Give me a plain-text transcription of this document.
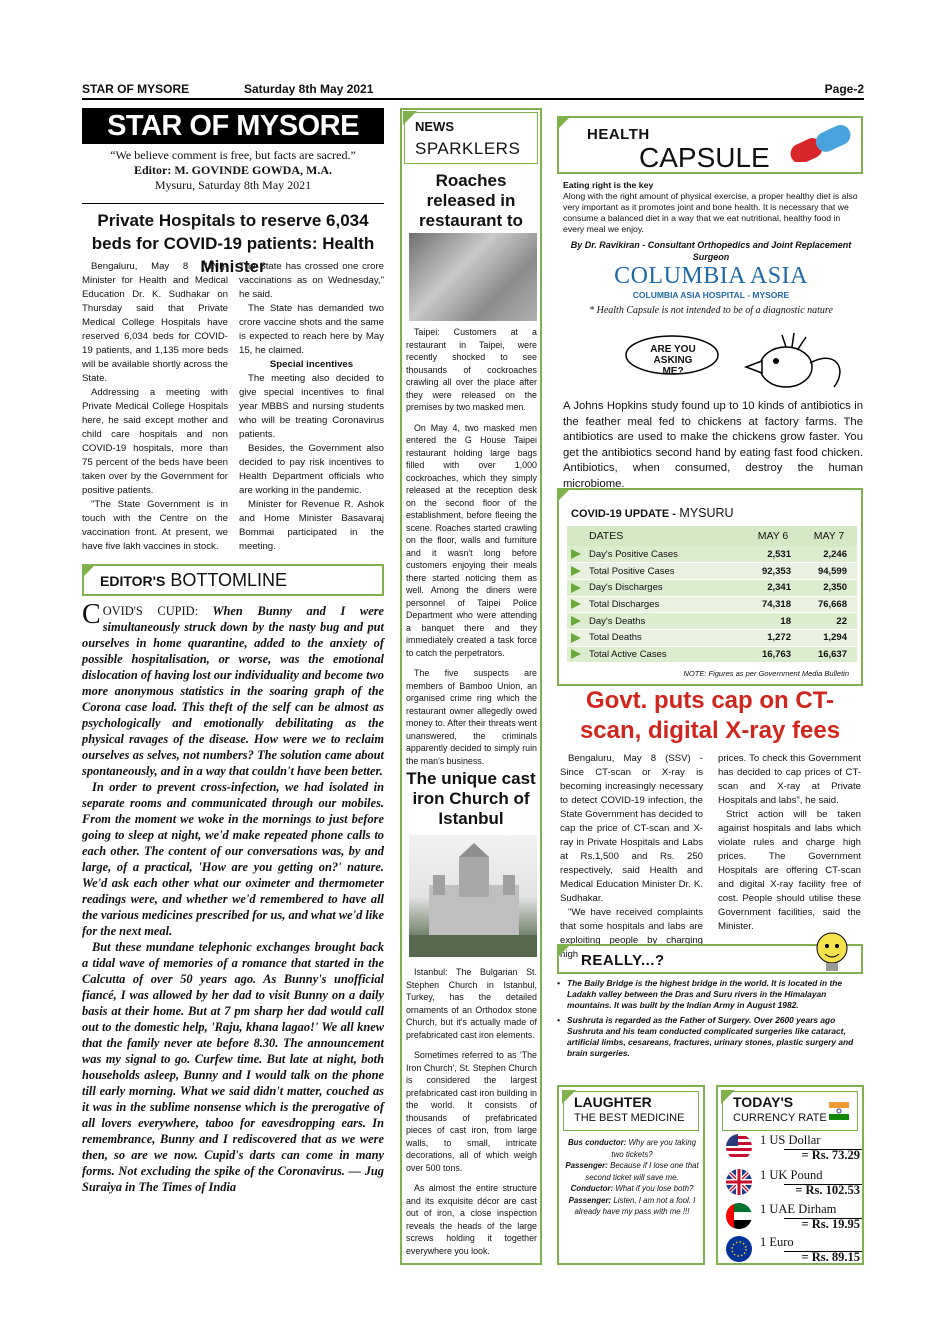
STAR OF MYSORE	Saturday 8th May 2021	Page-2
STAR OF MYSORE
“We believe comment is free, but facts are sacred.”
Editor: M. GOVINDE GOWDA, M.A.
Mysuru, Saturday 8th May 2021
Private Hospitals to reserve 6,034 beds for COVID-19 patients: Health Minister

Bengaluru, May 8 (UNI)- Minister for Health and Medical Education Dr. K. Sudhakar on Thursday said that Private Medical College Hospitals have reserved 6,034 beds for COVID-19 patients, and 1,135 more beds will be available shortly across the State.

Addressing a meeting with Private Medical College Hospitals here, he said except mother and child care hospitals and non COVID-19 hospitals, more than 75 percent of the beds have been taken over by the Government for positive patients.

"The State Government is in touch with the Centre on the vaccination front. At present, we have five lakh vaccines in stock.

The State has crossed one crore vaccinations as on Wednesday," he said.

The State has demanded two crore vaccine shots and the same is expected to reach here by May 15, he claimed.

Special incentives

The meeting also decided to give special incentives to final year MBBS and nursing students who will be treating Coronavirus patients.

Besides, the Government also decided to pay risk incentives to Health Department officials who are working in the pandemic.

Minister for Revenue R. Ashok and Home Minister Basavaraj Bommai participated in the meeting.

EDITOR'S BOTTOMLINE

COVID'S CUPID: When Bunny and I were simultaneously struck down by the nasty bug and put ourselves in home quarantine, added to the anxiety of possible hospitalisation, or worse, was the emotional dislocation of having lost our individuality and become two more anonymous statistics in the soaring graph of the Corona case load. This theft of the self can be almost as psychologically and emotionally debilitating as the physical ravages of the disease. How were we to reclaim ourselves as selves, not numbers? The solution came about spontaneously, and in a way that couldn't have been better.

In order to prevent cross-infection, we had isolated in separate rooms and communicated through our mobiles. From the moment we woke in the mornings to just before going to sleep at night, we'd make repeated phone calls to each other. The content of our conversations was, by and large, of a practical, 'How are you getting on?' nature. We'd ask each other what our oximeter and thermometer readings were, and whether we'd remembered to have all the various medicines prescribed for us, and what we'd like for the next meal.

But these mundane telephonic exchanges brought back a tidal wave of memories of a romance that started in the Calcutta of over 50 years ago. As Bunny's unofficial fiancé, I was allowed by her dad to visit Bunny on a daily basis at their home. But at 7 pm sharp her dad would call out to the domestic help, 'Raju, khana lagao!' We all knew that the family never ate before 8.30. The announcement was my signal to go. Curfew time. But late at night, both households asleep, Bunny and I would talk on the phone till early morning. What we said didn't matter, couched as it was in the sublime nonsense which is the prerogative of all lovers everywhere, taboo for eavesdropping ears. In remembrance, Bunny and I rediscovered that as we were then, so are we now. Cupid's darts can come in many forms. Not excluding the spike of the Coronavirus. — Jug Suraiya in The Times of India

NEWS
SPARKLERS
Roaches released in restaurant to

Taipei: Customers at a restaurant in Taipei, were recently shocked to see thousands of cockroaches crawling all over the place after they were released on the premises by two masked men.

On May 4, two masked men entered the G House Taipei restaurant holding large bags filled with over 1,000 cockroaches, which they simply released at the reception desk on the second floor of the establishment, before fleeing the scene. Roaches started crawling on the floor, walls and furniture and it wasn't long before customers enjoying their meals there started noticing them as well. Among the diners were personnel of Taipei Police Department who were attending a banquet there and they immediately created a task force to catch the perpetrators.

The five suspects are members of Bamboo Union, an organised crime ring which the restaurant owner allegedly owed money to. After their threats went unanswered, the criminals apparently decided to simply ruin the man's business.

The unique cast iron Church of Istanbul

Istanbul: The Bulgarian St. Stephen Church in Istanbul, Turkey, has the detailed ornaments of an Orthodox stone Church, but it's actually made of prefabricated cast iron elements.

Sometimes referred to as 'The Iron Church', St. Stephen Church is considered the largest prefabricated cast iron building in the world. It consists of thousands of prefabricated pieces of cast iron, from large walls, to small, intricate decorations, all of which weigh over 500 tons.

As almost the entire structure and its exquisite décor are cast out of iron, a close inspection reveals the heads of the large screws holding it together everywhere you look.

HEALTH
CAPSULE
Eating right is the key
Along with the right amount of physical exercise, a proper healthy diet is also very important as it promotes joint and bone health. It is necessary that we consume a balanced diet in a way that we eat nutritional, healthy food in every meal we enjoy.
By Dr. Ravikiran - Consultant Orthopedics and Joint Replacement Surgeon
COLUMBIA ASIA
COLUMBIA ASIA HOSPITAL - MYSORE
* Health Capsule is not intended to be of a diagnostic nature
ARE YOU ASKING ME?
A Johns Hopkins study found up to 10 kinds of antibiotics in the feather meal fed to chickens at factory farms. The antibiotics are used to make the chickens grow faster. You get the antibiotics second hand by eating fast food chicken. Antibiotics, when consumed, destroy the human microbiome.
COVID-19 UPDATE - MYSURU
DATES	MAY 6	MAY 7
Day's Positive Cases	2,531	2,246
Total Positive Cases	92,353	94,599
Day's Discharges	2,341	2,350
Total Discharges	74,318	76,668
Day's Deaths	18	22
Total Deaths	1,272	1,294
Total Active Cases	16,763	16,637
NOTE: Figures as per Government Media Bulletin
Govt. puts cap on CT-scan, digital X-ray fees

Bengaluru, May 8 (SSV) - Since CT-scan or X-ray is becoming increasingly necessary to detect COVID-19 infection, the State Government has decided to cap the price of CT-scan and X-ray in Private Hospitals and Labs at Rs.1,500 and Rs. 250 respectively, said Health and Medical Education Minister Dr. K. Sudhakar.

"We have received complaints that some hospitals and labs are exploiting people by charging high

prices. To check this Government has decided to cap prices of CT-scan and X-ray at Private Hospitals and labs", he said.

Strict action will be taken against hospitals and labs which violate rules and charge high prices. The Government Hospitals are offering CT-scan and digital X-ray facility free of cost. People should utilise these Government facilities, said the Minister.

REALLY...?
• The Baily Bridge is the highest bridge in the world. It is located in the Ladakh valley between the Dras and Suru rivers in the Himalayan mountains. It was built by the Indian Army in August 1982.
• Sushruta is regarded as the Father of Surgery. Over 2600 years ago Sushruta and his team conducted complicated surgeries like cataract, artificial limbs, cesareans, fractures, urinary stones, plastic surgery and brain surgeries.
LAUGHTER
THE BEST MEDICINE
Bus conductor: Why are you taking two tickets?
Passenger: Because if I lose one that second ticket will save me.
Conductor: What if you lose both?
Passenger: Listen, I am not a fool. I already have my pass with me !!!
TODAY'S
CURRENCY RATE
1 US Dollar
= Rs. 73.29
1 UK Pound
= Rs. 102.53
1 UAE Dirham
= Rs. 19.95
1 Euro
= Rs. 89.15
